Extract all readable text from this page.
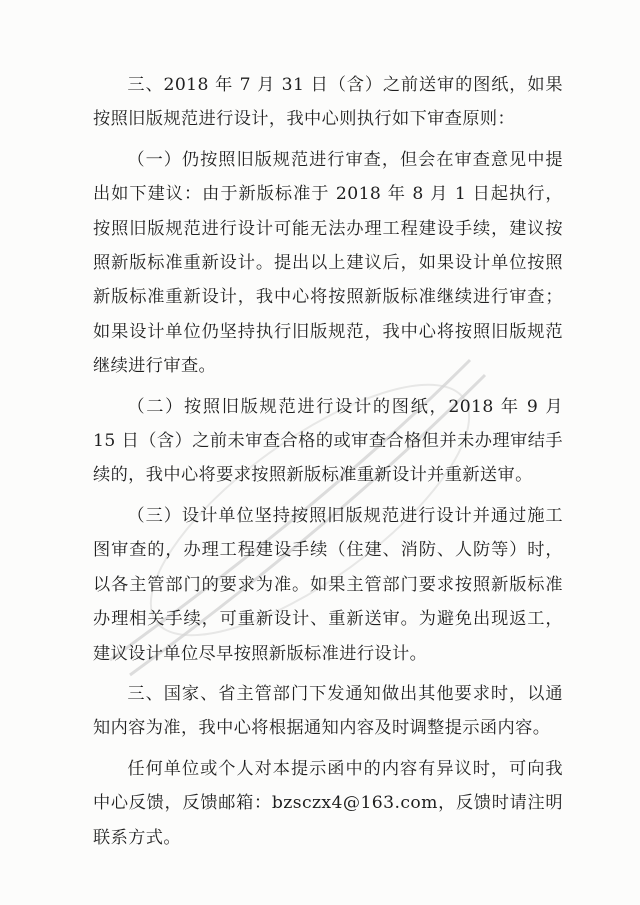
三、2018 年 7 月 31 日（含）之前送审的图纸，如果按照旧版规范进行设计，我中心则执行如下审查原则：

（一）仍按照旧版规范进行审查，但会在审查意见中提出如下建议：由于新版标准于 2018 年 8 月 1 日起执行，按照旧版规范进行设计可能无法办理工程建设手续，建议按照新版标准重新设计。提出以上建议后，如果设计单位按照新版标准重新设计，我中心将按照新版标准继续进行审查；如果设计单位仍坚持执行旧版规范，我中心将按照旧版规范继续进行审查。

（二）按照旧版规范进行设计的图纸，2018 年 9 月 15 日（含）之前未审查合格的或审查合格但并未办理审结手续的，我中心将要求按照新版标准重新设计并重新送审。

（三）设计单位坚持按照旧版规范进行设计并通过施工图审查的，办理工程建设手续（住建、消防、人防等）时，以各主管部门的要求为准。如果主管部门要求按照新版标准办理相关手续，可重新设计、重新送审。为避免出现返工，建议设计单位尽早按照新版标准进行设计。

三、国家、省主管部门下发通知做出其他要求时，以通知内容为准，我中心将根据通知内容及时调整提示函内容。

任何单位或个人对本提示函中的内容有异议时，可向我中心反馈，反馈邮箱：bzsczx4@163.com，反馈时请注明联系方式。
